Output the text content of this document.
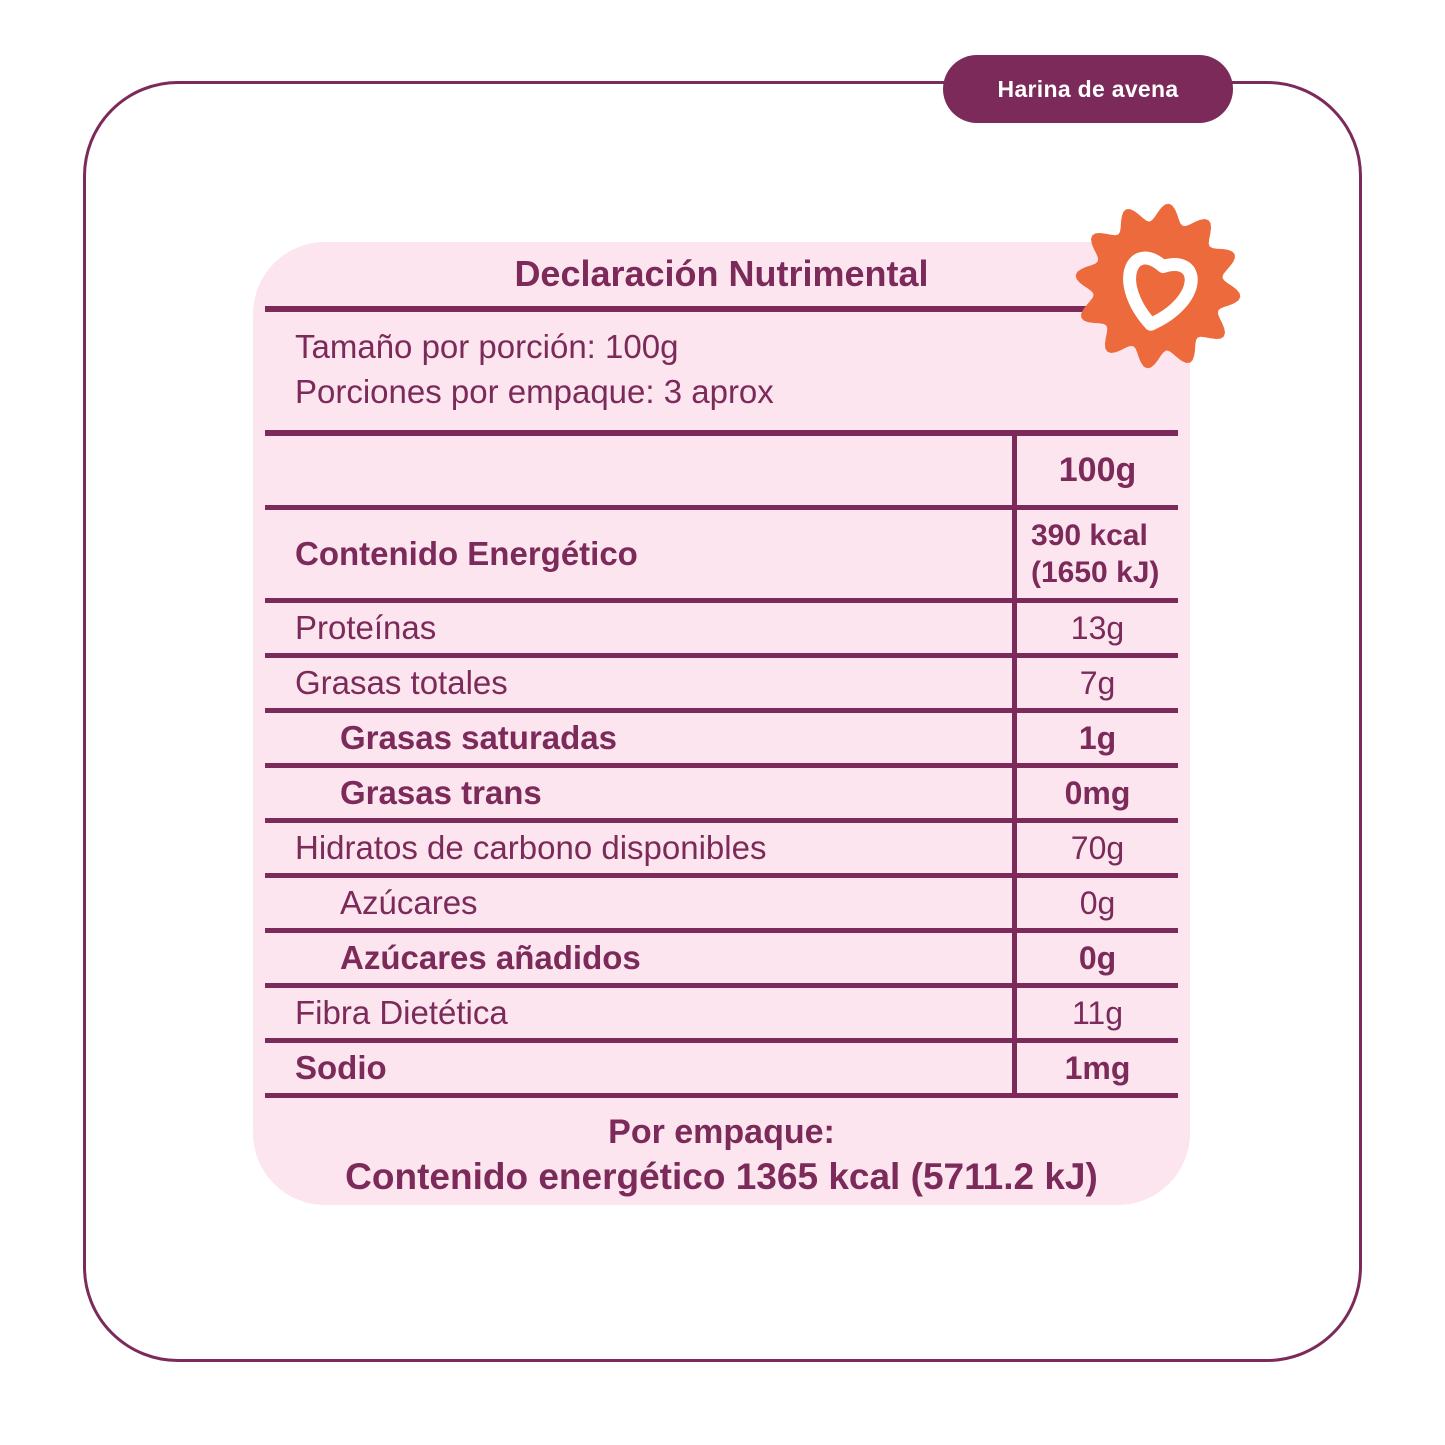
Harina de avena
Declaración Nutrimental
Tamaño por porción: 100g
Porciones por empaque: 3 aprox
100g
Contenido Energético	390 kcal
(1650 kJ)
Proteínas	13g
Grasas totales	7g
Grasas saturadas	1g
Grasas trans	0mg
Hidratos de carbono disponibles	70g
Azúcares	0g
Azúcares añadidos	0g
Fibra Dietética	11g
Sodio	1mg
Por empaque:
Contenido energético 1365 kcal (5711.2 kJ)
